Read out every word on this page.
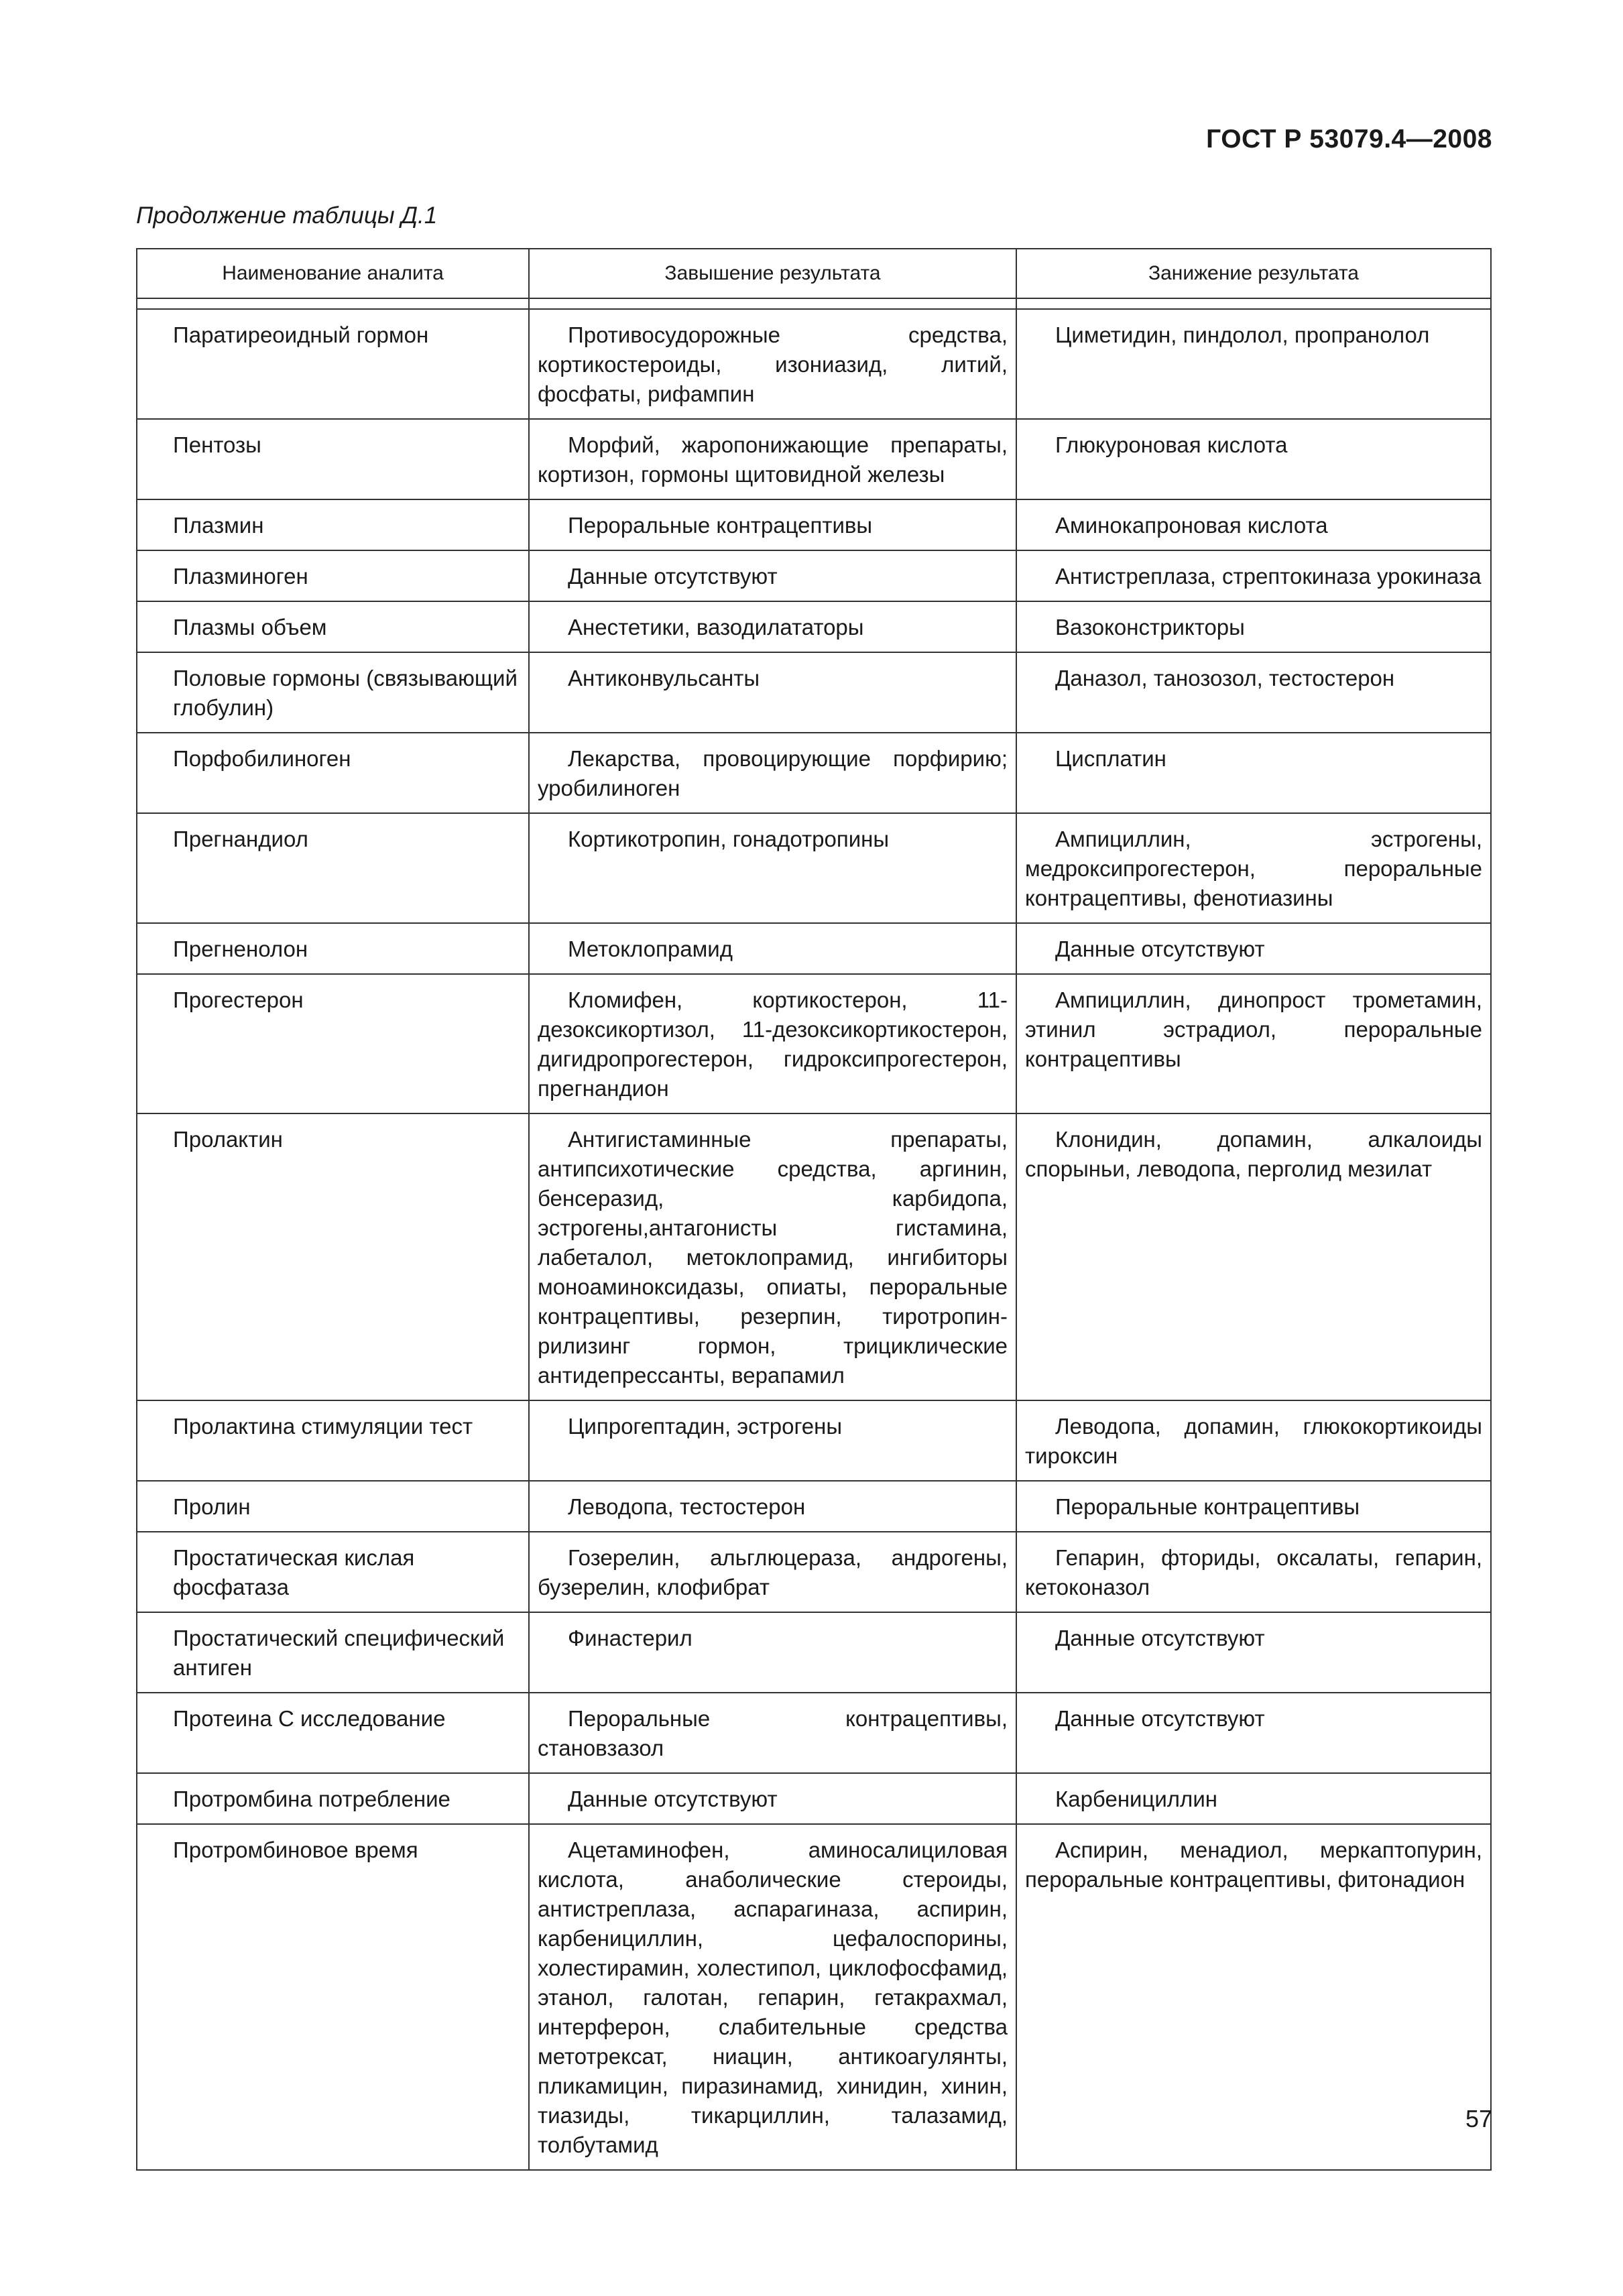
ГОСТ Р 53079.4—2008
Продолжение таблицы Д.1
Наименование аналита	Завышение результата	Занижение результата

Паратиреоидный гормон	Противосудорожные средства, кортикостероиды, изониазид, литий, фосфаты, рифампин	Циметидин, пиндолол, пропранолол
Пентозы	Морфий, жаропонижающие препараты, кортизон, гормоны щитовидной железы	Глюкуроновая кислота
Плазмин	Пероральные контрацептивы	Аминокапроновая кислота
Плазминоген	Данные отсутствуют	Антистреплаза, стрептокиназа урокиназа
Плазмы объем	Анестетики, вазодилататоры	Вазоконстрикторы
Половые гормоны (связывающий глобулин)	Антиконвульсанты	Даназол, танозозол, тестостерон
Порфобилиноген	Лекарства, провоцирующие порфирию; уробилиноген	Цисплатин
Прегнандиол	Кортикотропин, гонадотропины	Ампициллин, эстрогены, медроксипрогестерон, пероральные контрацептивы, фенотиазины
Прегненолон	Метоклопрамид	Данные отсутствуют
Прогестерон	Кломифен, кортикостерон, 11-дезоксикортизол, 11-дезоксикортикостерон, дигидропрогестерон, гидроксипрогестерон, прегнандион	Ампициллин, динопрост трометамин, этинил эстрадиол, пероральные контрацептивы
Пролактин	Антигистаминные препараты, антипсихотические средства, аргинин, бенсеразид, карбидопа, эстрогены,антагонисты гистамина, лабеталол, метоклопрамид, ингибиторы моноаминоксидазы, опиаты, пероральные контрацептивы, резерпин, тиротропин-рилизинг гормон, трициклические антидепрессанты, верапамил	Клонидин, допамин, алкалоиды спорыньи, леводопа, перголид мезилат
Пролактина стимуляции тест	Ципрогептадин, эстрогены	Леводопа, допамин, глюкокортикоиды тироксин
Пролин	Леводопа, тестостерон	Пероральные контрацептивы
Простатическая кислая фосфатаза	Гозерелин, альглюцераза, андрогены, бузерелин, клофибрат	Гепарин, фториды, оксалаты, гепарин, кетоконазол
Простатический специфический антиген	Финастерил	Данные отсутствуют
Протеина С исследование	Пероральные контрацептивы, становзазол	Данные отсутствуют
Протромбина потребление	Данные отсутствуют	Карбенициллин
Протромбиновое время	Ацетаминофен, аминосалициловая кислота, анаболические стероиды, антистреплаза, аспарагиназа, аспирин, карбенициллин, цефалоспорины, холестирамин, холестипол, циклофосфамид, этанол, галотан, гепарин, гетакрахмал, интерферон, слабительные средства метотрексат, ниацин, антикоагулянты, пликамицин, пиразинамид, хинидин, хинин, тиазиды, тикарциллин, талазамид, толбутамид	Аспирин, менадиол, меркаптопурин, пероральные контрацептивы, фитонадион
57
